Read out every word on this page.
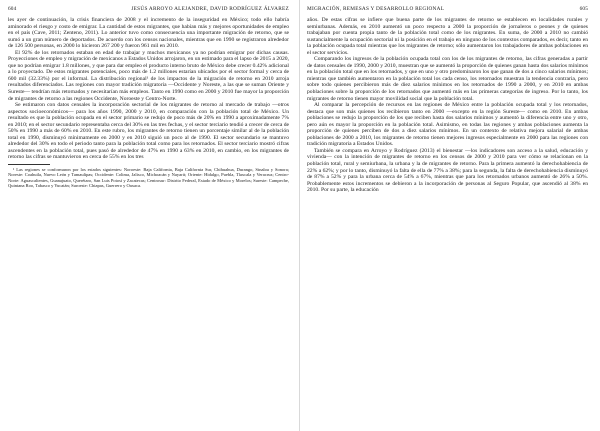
604	JESÚS ARROYO ALEJANDRE, DAVID RODRÍGUEZ ÁLVAREZ

les ayer de continuación, la crisis financiera de 2008 y el incremento de la inseguridad en México; todo ello habría aminorado el riesgo y costo de emigrar. La cantidad de estos migrantes, que habían más y mejores oportunidades de empleo en el país (Cave, 2011; Zenteno, 2011). Lo anterior tuvo como consecuencia una importante migración de retorno, que se sumó a un gran número de deportados. De acuerdo con los censos nacionales, mientras que en 1990 se registraron alrededor de 126 500 personas, en 2000 lo hicieron 267 200 y fueron 961 mil en 2010.

El 92% de los retornados estaban en edad de trabajar y muchos mexicanos ya no podrían emigrar por dichas causas. Proyecciones de empleo y migración de mexicanos a Estados Unidos arrojaron, en un estimado para el lapso de 2015 a 2020, que no podrían emigrar 1.8 millones, y que para dar empleo el producto interno bruto de México debe crecer 0.42% adicional a lo proyectado. De estos migrantes potenciales, poco más de 1.2 millones estarían ubicados por el sector formal y cerca de 600 mil (32.33%) por el informal. La distribución regional¹ de los impactos de la migración de retorno en 2010 arroja resultados diferenciados. Las regiones con mayor tradición migratoria —Occidente y Noreste, a las que se suman Oriente y Sureste— tendrían más retornados y necesitarían más empleos. Tanto en 1990 como en 2000 y 2010 fue mayor la proporción de migrantes de retorno a las regiones Occidente, Noroeste y Centro-Norte.

Se estimaron con datos censales la incorporación sectorial de los migrantes de retorno al mercado de trabajo —otros aspectos socioeconómicos— para los años 1990, 2000 y 2010, en comparación con la población total de México. Un resultado es que la población ocupada en el sector primario se redujo de poco más de 20% en 1990 a aproximadamente 7% en 2010; en el sector secundario representaba cerca del 30% en las tres fechas, y el sector terciario tendió a crecer de cerca de 50% en 1990 a más de 60% en 2010. En este rubro, los migrantes de retorno tienen un porcentaje similar al de la población total en 1990, disminuyó mínimamente en 2000 y en 2010 siguió un poco al de 1990. El sector secundario se mantuvo alrededor del 30% en todo el periodo tanto para la población total como para los retornados. El sector terciario mostró cifras ascendentes en la población total, pues pasó de alrededor de 47% en 1990 a 63% en 2010, en cambio, en los migrantes de retorno las cifras se mantuvieron en cerca de 55% en los tres

¹ Las regiones se conformaron por los estados siguientes: Noroeste: Baja California, Baja California Sur, Chihuahua, Durango, Sinaloa y Sonora; Noreste: Coahuila, Nuevo León y Tamaulipas; Occidente: Colima, Jalisco, Michoacán y Nayarit; Oriente: Hidalgo, Puebla, Tlaxcala y Veracruz; Centro-Norte: Aguascalientes, Guanajuato, Querétaro, San Luis Potosí y Zacatecas; Centrosur: Distrito Federal, Estado de México y Morelos; Sureste: Campeche, Quintana Roo, Tabasco y Yucatán; Suroeste: Chiapas, Guerrero y Oaxaca.

MIGRACIÓN, REMESAS Y DESARROLLO REGIONAL	605

años. De estas cifras se infiere que buena parte de los migrantes de retorno se establecen en localidades rurales y semiurbanas. Además, en 2010 aumentó un poco respecto a 2000 la proporción de jornaleros o peones y de quienes trabajaban por cuenta propia tanto de la población total como de los migrantes. En suma, de 2000 a 2010 no cambió sustancialmente la ocupación sectorial ni la posición en el trabajo en ninguno de los contextos comparados, es decir, tanto en la población ocupada total mientras que los migrantes de retorno; sólo aumentaron los trabajadores de ambas poblaciones en el sector servicios.

Comparando los ingresos de la población ocupada total con los de los migrantes de retorno, las cifras generadas a partir de datos censales de 1990, 2000 y 2010, muestran que se aumentó la proporción de quienes ganan hasta dos salarios mínimos en la población total que en los retornados, y que en uno y otro predominaron los que ganan de dos a cinco salarios mínimos; mientras que también aumentaron en la población total los cada censo, los retornados muestran la tendencia contraria, pero sobre todo quienes percibieron más de diez salarios mínimos en los retornados de 1990 a 2000, y en 2010 en ambas poblaciones sobre la proporción de los retornados que aumentó más en las primeras categorías de ingreso. Por lo tanto, los migrantes de retorno tienen mayor movilidad social que la población total.

Al comparar la percepción de recursos en las regiones de México entre la población ocupada total y los retornados, destaca que son más quienes los recibieron tanto en 2000 —excepto en la región Sureste— como en 2010. En ambas poblaciones se redujo la proporción de los que reciben hasta dos salarios mínimos y aumentó la diferencia entre uno y otro, pero aún es mayor la proporción en la población total. Asimismo, en todas las regiones y ambas poblaciones aumenta la proporción de quienes perciben de dos a diez salarios mínimos. En un contexto de relativa mejora salarial de ambas poblaciones de 2000 a 2010, los migrantes de retorno tienen mejores ingresos especialmente en 2000 para las regiones con tradición migratoria a Estados Unidos.

También se compara en Arroyo y Rodríguez (2013) el bienestar —los indicadores son acceso a la salud, educación y vivienda— con la intención de migrantes de retorno en los censos de 2000 y 2010 para ver cómo se relacionan en la población total, rural y semiurbana, la urbana y la de migrantes de retorno. Para la primera aumentó la derechohabiencia de 22% a 62%; y por lo tanto, disminuyó la falta de ella de 77% a 38%; para la segunda, la falta de derechohabiencia disminuyó de 87% a 52% y para la urbana cerca de 54% a 67%, mientras que para los retornados urbanos aumentó de 26% a 50%. Probablemente estos incrementos se debieron a la incorporación de personas al Seguro Popular, que ascendió al 38% en 2010. Por su parte, la educación
